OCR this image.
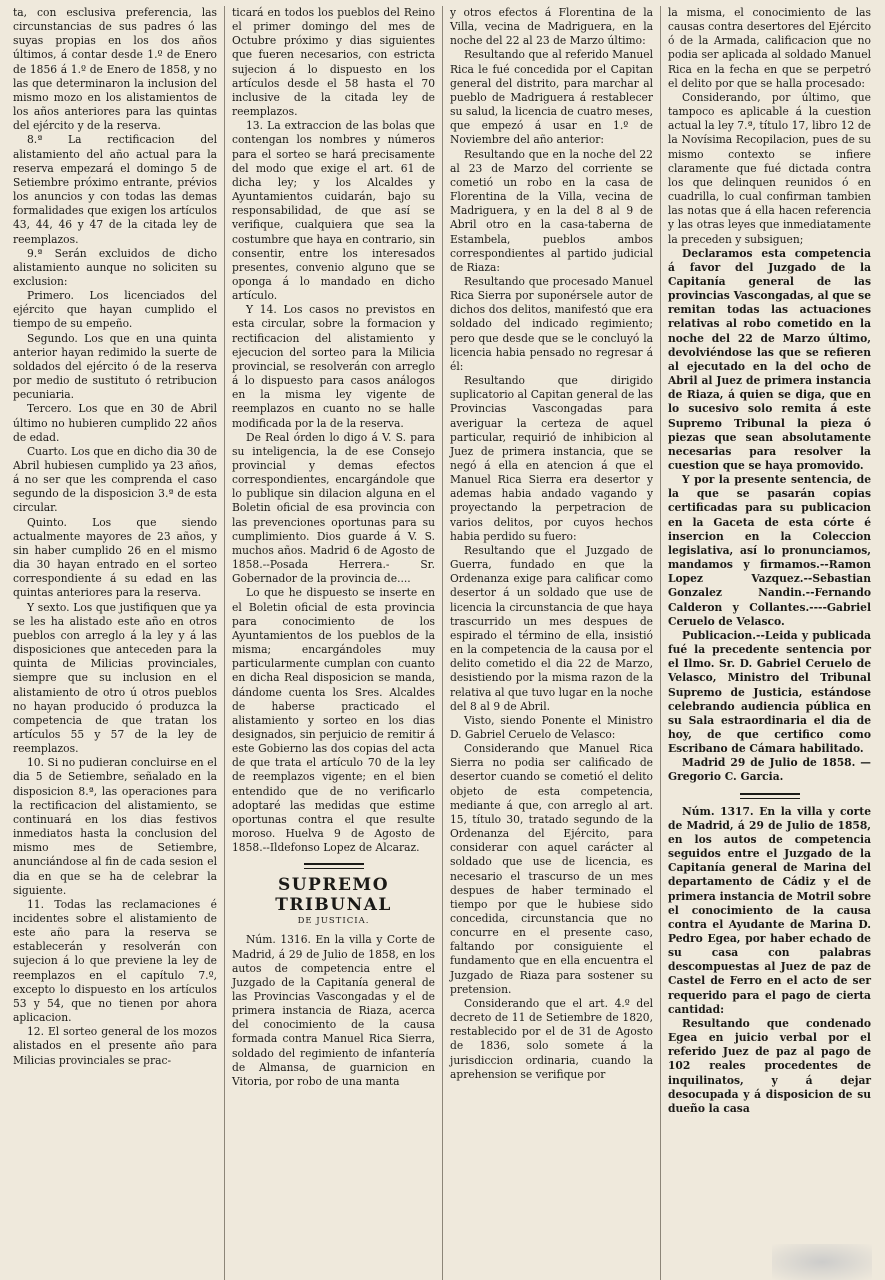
ta, con esclusiva preferencia, las circunstancias de sus padres ó las suyas propias en los dos años últimos, á contar desde 1.º de Enero de 1856 á 1.º de Enero de 1858, y no las que determinaron la inclusion del mismo mozo en los alistamientos de los años anteriores para las quintas del ejército y de la reserva.

8.ª La rectificacion del alistamiento del año actual para la reserva empezará el domingo 5 de Setiembre próximo entrante, prévios los anuncios y con todas las demas formalidades que exigen los artículos 43, 44, 46 y 47 de la citada ley de reemplazos.

9.ª Serán excluidos de dicho alistamiento aunque no soliciten su exclusion:

Primero. Los licenciados del ejército que hayan cumplido el tiempo de su empeño.

Segundo. Los que en una quinta anterior hayan redimido la suerte de soldados del ejército ó de la reserva por medio de sustituto ó retribucion pecuniaria.

Tercero. Los que en 30 de Abril último no hubieren cumplido 22 años de edad.

Cuarto. Los que en dicho dia 30 de Abril hubiesen cumplido ya 23 años, á no ser que les comprenda el caso segundo de la disposicion 3.ª de esta circular.

Quinto. Los que siendo actualmente mayores de 23 años, y sin haber cumplido 26 en el mismo dia 30 hayan entrado en el sorteo correspondiente á su edad en las quintas anteriores para la reserva.

Y sexto. Los que justifiquen que ya se les ha alistado este año en otros pueblos con arreglo á la ley y á las disposiciones que anteceden para la quinta de Milicias provinciales, siempre que su inclusion en el alistamiento de otro ú otros pueblos no hayan producido ó produzca la competencia de que tratan los artículos 55 y 57 de la ley de reemplazos.

10. Si no pudieran concluirse en el dia 5 de Setiembre, señalado en la disposicion 8.ª, las operaciones para la rectificacion del alistamiento, se continuará en los dias festivos inmediatos hasta la conclusion del mismo mes de Setiembre, anunciándose al fin de cada sesion el dia en que se ha de celebrar la siguiente.

11. Todas las reclamaciones é incidentes sobre el alistamiento de este año para la reserva se establecerán y resolverán con sujecion á lo que previene la ley de reemplazos en el capítulo 7.º, excepto lo dispuesto en los artículos 53 y 54, que no tienen por ahora aplicacion.

12. El sorteo general de los mozos alistados en el presente año para Milicias provinciales se prac-

ticará en todos los pueblos del Reino el primer domingo del mes de Octubre próximo y dias siguientes que fueren necesarios, con estricta sujecion á lo dispuesto en los artículos desde el 58 hasta el 70 inclusive de la citada ley de reemplazos.

13. La extraccion de las bolas que contengan los nombres y números para el sorteo se hará precisamente del modo que exige el art. 61 de dicha ley; y los Alcaldes y Ayuntamientos cuidarán, bajo su responsabilidad, de que así se verifique, cualquiera que sea la costumbre que haya en contrario, sin consentir, entre los interesados presentes, convenio alguno que se oponga á lo mandado en dicho artículo.

Y 14. Los casos no previstos en esta circular, sobre la formacion y rectificacion del alistamiento y ejecucion del sorteo para la Milicia provincial, se resolverán con arreglo á lo dispuesto para casos análogos en la misma ley vigente de reemplazos en cuanto no se halle modificada por la de la reserva.

De Real órden lo digo á V. S. para su inteligencia, la de ese Consejo provincial y demas efectos correspondientes, encargándole que lo publique sin dilacion alguna en el Boletin oficial de esa provincia con las prevenciones oportunas para su cumplimiento. Dios guarde á V. S. muchos años. Madrid 6 de Agosto de 1858.--Posada Herrera.- Sr. Gobernador de la provincia de....

Lo que he dispuesto se inserte en el Boletin oficial de esta provincia para conocimiento de los Ayuntamientos de los pueblos de la misma; encargándoles muy particularmente cumplan con cuanto en dicha Real disposicion se manda, dándome cuenta los Sres. Alcaldes de haberse practicado el alistamiento y sorteo en los dias designados, sin perjuicio de remitir á este Gobierno las dos copias del acta de que trata el artículo 70 de la ley de reemplazos vigente; en el bien entendido que de no verificarlo adoptaré las medidas que estime oportunas contra el que resulte moroso. Huelva 9 de Agosto de 1858.--Ildefonso Lopez de Alcaraz.

SUPREMO TRIBUNAL
DE JUSTICIA.

Núm. 1316. En la villa y Corte de Madrid, á 29 de Julio de 1858, en los autos de competencia entre el Juzgado de la Capitanía general de las Provincias Vascongadas y el de primera instancia de Riaza, acerca del conocimiento de la causa formada contra Manuel Rica Sierra, soldado del regimiento de infantería de Almansa, de guarnicion en Vitoria, por robo de una manta

y otros efectos á Florentina de la Villa, vecina de Madriguera, en la noche del 22 al 23 de Marzo último:

Resultando que al referido Manuel Rica le fué concedida por el Capitan general del distrito, para marchar al pueblo de Madriguera á restablecer su salud, la licencia de cuatro meses, que empezó á usar en 1.º de Noviembre del año anterior:

Resultando que en la noche del 22 al 23 de Marzo del corriente se cometió un robo en la casa de Florentina de la Villa, vecina de Madriguera, y en la del 8 al 9 de Abril otro en la casa-taberna de Estambela, pueblos ambos correspondientes al partido judicial de Riaza:

Resultando que procesado Manuel Rica Sierra por suponérsele autor de dichos dos delitos, manifestó que era soldado del indicado regimiento; pero que desde que se le concluyó la licencia habia pensado no regresar á él:

Resultando que dirigido suplicatorio al Capitan general de las Provincias Vascongadas para averiguar la certeza de aquel particular, requirió de inhibicion al Juez de primera instancia, que se negó á ella en atencion á que el Manuel Rica Sierra era desertor y ademas habia andado vagando y proyectando la perpetracion de varios delitos, por cuyos hechos habia perdido su fuero:

Resultando que el Juzgado de Guerra, fundado en que la Ordenanza exige para calificar como desertor á un soldado que use de licencia la circunstancia de que haya trascurrido un mes despues de espirado el término de ella, insistió en la competencia de la causa por el delito cometido el dia 22 de Marzo, desistiendo por la misma razon de la relativa al que tuvo lugar en la noche del 8 al 9 de Abril.

Visto, siendo Ponente el Ministro D. Gabriel Ceruelo de Velasco:

Considerando que Manuel Rica Sierra no podia ser calificado de desertor cuando se cometió el delito objeto de esta competencia, mediante á que, con arreglo al art. 15, título 30, tratado segundo de la Ordenanza del Ejército, para considerar con aquel carácter al soldado que use de licencia, es necesario el trascurso de un mes despues de haber terminado el tiempo por que le hubiese sido concedida, circunstancia que no concurre en el presente caso, faltando por consiguiente el fundamento que en ella encuentra el Juzgado de Riaza para sostener su pretension.

Considerando que el art. 4.º del decreto de 11 de Setiembre de 1820, restablecido por el de 31 de Agosto de 1836, solo somete á la jurisdiccion ordinaria, cuando la aprehension se verifique por

la misma, el conocimiento de las causas contra desertores del Ejército ó de la Armada, calificacion que no podia ser aplicada al soldado Manuel Rica en la fecha en que se perpetró el delito por que se halla procesado:

Considerando, por último, que tampoco es aplicable á la cuestion actual la ley 7.ª, título 17, libro 12 de la Novísima Recopilacion, pues de su mismo contexto se infiere claramente que fué dictada contra los que delinquen reunidos ó en cuadrilla, lo cual confirman tambien las notas que á ella hacen referencia y las otras leyes que inmediatamente la preceden y subsiguen;

Declaramos esta competencia á favor del Juzgado de la Capitanía general de las provincias Vascongadas, al que se remitan todas las actuaciones relativas al robo cometido en la noche del 22 de Marzo último, devolviéndose las que se refieren al ejecutado en la del ocho de Abril al Juez de primera instancia de Riaza, á quien se diga, que en lo sucesivo solo remita á este Supremo Tribunal la pieza ó piezas que sean absolutamente necesarias para resolver la cuestion que se haya promovido.

Y por la presente sentencia, de la que se pasarán copias certificadas para su publicacion en la Gaceta de esta córte é insercion en la Coleccion legislativa, así lo pronunciamos, mandamos y firmamos.--Ramon Lopez Vazquez.--Sebastian Gonzalez Nandin.--Fernando Calderon y Collantes.----Gabriel Ceruelo de Velasco.

Publicacion.--Leida y publicada fué la precedente sentencia por el Ilmo. Sr. D. Gabriel Ceruelo de Velasco, Ministro del Tribunal Supremo de Justicia, estándose celebrando audiencia pública en su Sala estraordinaria el dia de hoy, de que certifico como Escribano de Cámara habilitado.

Madrid 29 de Julio de 1858. —Gregorio C. Garcia.

Núm. 1317. En la villa y corte de Madrid, á 29 de Julio de 1858, en los autos de competencia seguidos entre el Juzgado de la Capitanía general de Marina del departamento de Cádiz y el de primera instancia de Motril sobre el conocimiento de la causa contra el Ayudante de Marina D. Pedro Egea, por haber echado de su casa con palabras descompuestas al Juez de paz de Castel de Ferro en el acto de ser requerido para el pago de cierta cantidad:

Resultando que condenado Egea en juicio verbal por el referido Juez de paz al pago de 102 reales procedentes de inquilinatos, y á dejar desocupada y á disposicion de su dueño la casa
